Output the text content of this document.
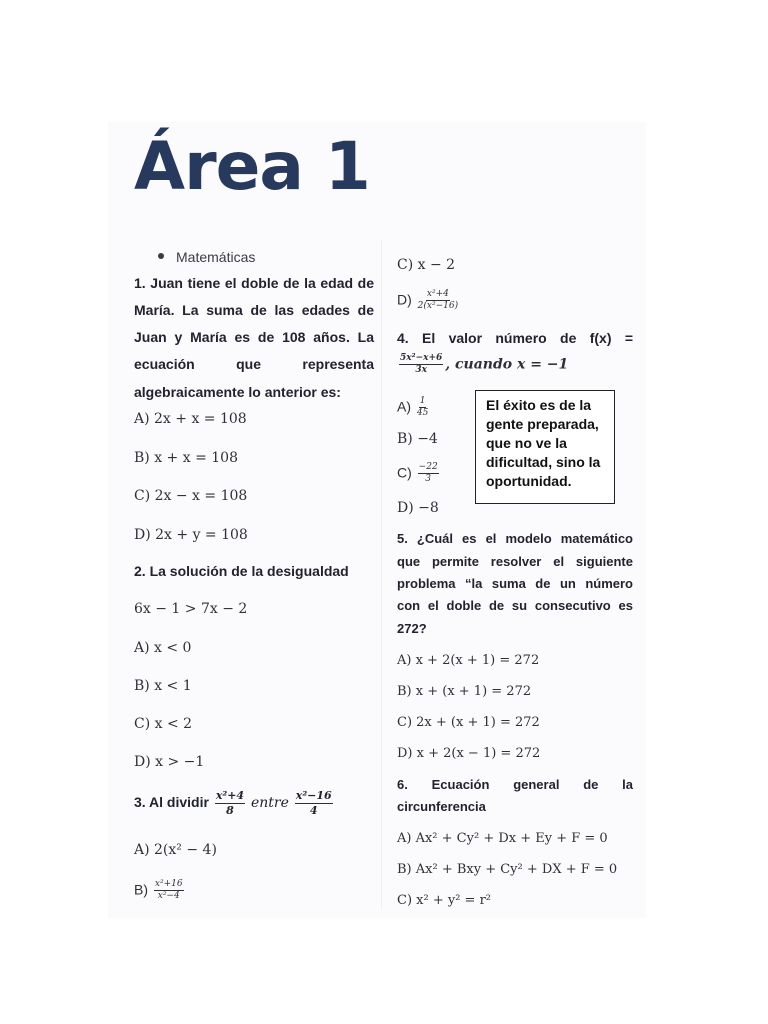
Área 1
Matemáticas
1. Juan tiene el doble de la edad de
María. La suma de las edades de
Juan y María es de 108 años. La
ecuación que representa
algebraicamente lo anterior es:
A) 2x + x = 108
B) x + x = 108
C) 2x − x = 108
D) 2x + y = 108
2. La solución de la desigualdad
6x − 1 > 7x − 2
A) x < 0
B) x < 1
C) x < 2
D) x > −1
3. Al dividir $\frac{\text{x²+4}}{8}$ entre $\frac{\text{x²−16}}{4}$
A) 2(x² − 4)
$B) \frac{\text{x²+16}}{\text{x²−4}}$
C) x − 2
$D) \frac{\text{x²+4}}{\text{2(x²−16)}}$
4. El valor número de f(x) =
$\frac{\text{5x²−x+6}}{3x}$ , cuando x = −1
$A) \frac{1}{45}$
B) −4
$C) \frac{-22}{3}$
D) −8
5. ¿Cuál es el modelo matemático
que permite resolver el siguiente
problema “la suma de un número
con el doble de su consecutivo es
272?
A) x + 2(x + 1) = 272
B) x + (x + 1) = 272
C) 2x + (x + 1) = 272
D) x + 2(x − 1) = 272
6. Ecuación general de la
circunferencia
A) Ax² + Cy² + Dx + Ey + F = 0
B) Ax² + Bxy + Cy² + DX + F = 0
C) x² + y² = r²
El éxito es de la gente preparada, que no ve la dificultad, sino la oportunidad.
